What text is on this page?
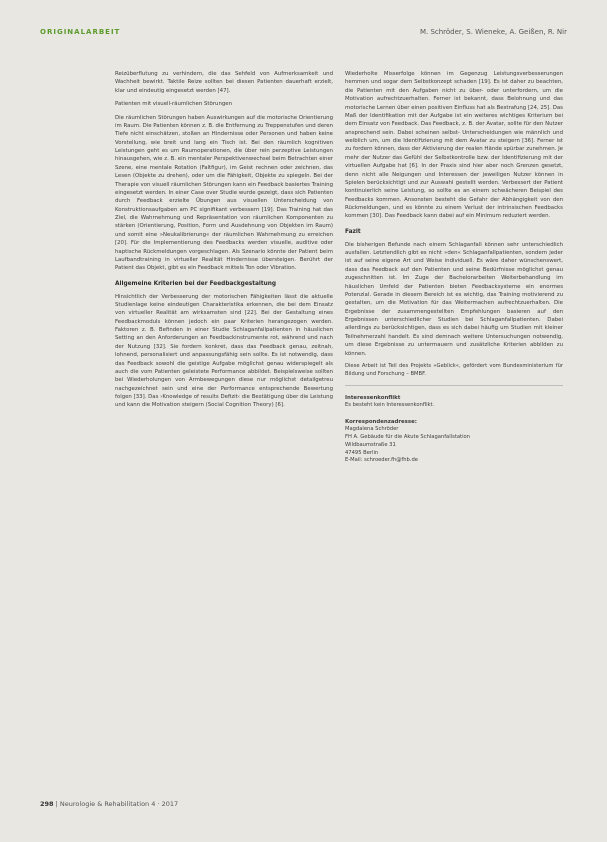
ORIGINALARBEIT	M. Schröder, S. Wieneke, A. Geißen, R. Nir

Reizüberflutung zu verhindern, die das Sehfeld von Aufmerksamkeit und Wachheit bewirkt. Taktile Reize sollten bei diesen Patienten dauerhaft erzielt, klar und eindeutig eingesetzt werden [47].

Patienten mit visuell-räumlichen Störungen

Die räumlichen Störungen haben Auswirkungen auf die motorische Orientierung im Raum. Die Patienten können z. B. die Entfernung zu Treppenstufen und deren Tiefe nicht einschätzen, stoßen an Hindernisse oder Personen und haben keine Vorstellung, wie breit und lang ein Tisch ist. Bei den räumlich kognitiven Leistungen geht es um Raumoperationen, die über rein perzeptive Leistungen hinausgehen, wie z. B. ein mentaler Perspektivenwechsel beim Betrachten einer Szene, eine mentale Rotation (Faltfigur), im Geist rechnen oder zeichnen, das Lesen (Objekte zu drehen), oder um die Fähigkeit, Objekte zu spiegeln. Bei der Therapie von visuell räumlichen Störungen kann ein Feedback basiertes Training eingesetzt werden. In einer Case over Studie wurde gezeigt, dass sich Patienten durch Feedback erzielte Übungen aus visuellen Unterscheidung von Konstruktionsaufgaben am PC signifikant verbessern [19]. Das Training hat das Ziel, die Wahrnehmung und Repräsentation von räumlichen Komponenten zu stärken (Orientierung, Position, Form und Ausdehnung von Objekten im Raum) und somit eine »Neukalibrierung« der räumlichen Wahrnehmung zu erreichen [20]. Für die Implementierung des Feedbacks werden visuelle, auditive oder haptische Rückmeldungen vorgeschlagen. Als Szenario könnte der Patient beim Laufbandtraining in virtueller Realität Hindernisse übersteigen. Berührt der Patient das Objekt, gibt es ein Feedback mittels Ton oder Vibration.

Allgemeine Kriterien bei der Feedbackgestaltung

Hinsichtlich der Verbesserung der motorischen Fähigkeiten lässt die aktuelle Studienlage keine eindeutigen Charakteristika erkennen, die bei dem Einsatz von virtueller Realität am wirksamsten sind [22]. Bei der Gestaltung eines Feedbackmoduls können jedoch ein paar Kriterien herangezogen werden. Faktoren z. B. Befinden in einer Studie Schlaganfallpatienten in häuslichen Setting an den Anforderungen an Feedbackinstrumente rot, während und nach der Nutzung [32]. Sie fordern konkret, dass das Feedback genau, zeitnah, lohnend, personalisiert und anpassungsfähig sein sollte. Es ist notwendig, dass das Feedback sowohl die geistige Aufgabe möglichst genau widerspiegelt als auch die vom Patienten geleistete Performance abbildet. Beispielsweise sollten bei Wiederholungen von Armbewegungen diese nur möglichst detailgetreu nachgezeichnet sein und eine der Performance entsprechende Bewertung folgen [33]. Das ›Knowledge of results Defizit‹ die Bestätigung über die Leistung und kann die Motivation steigern (Social Cognition Theory) [6].

Wiederholte Misserfolge können im Gegenzug Leistungsverbesserungen hemmen und sogar dem Selbstkonzept schaden [19]. Es ist daher zu beachten, die Patienten mit den Aufgaben nicht zu über- oder unterfordern, um die Motivation aufrechtzuerhalten. Ferner ist bekannt, dass Belohnung und das motorische Lernen über einen positiven Einfluss hat als Bestrafung [24, 25]. Das Maß der Identifikation mit der Aufgabe ist ein weiteres wichtiges Kriterium bei dem Einsatz von Feedback. Das Feedback, z. B. der Avatar, sollte für den Nutzer ansprechend sein. Dabei scheinen selbst- Unterscheidungen wie männlich und weiblich um, um die Identifizierung mit dem Avatar zu steigern [36]. Ferner ist zu fordern können, dass der Aktivierung der realen Hände spürbar zunehmen. Je mehr der Nutzer das Gefühl der Selbstkontrolle bzw. der Identifizierung mit der virtuellen Aufgabe hat [6]. In der Praxis sind hier aber noch Grenzen gesetzt, denn nicht alle Neigungen und Interessen der jeweiligen Nutzer können in Spielen berücksichtigt und zur Auswahl gestellt werden. Verbessert der Patient kontinuierlich seine Leistung, so sollte es an einem schwächeren Beispiel des Feedbacks kommen. Ansonsten besteht die Gefahr der Abhängigkeit von den Rückmeldungen, und es könnte zu einem Verlust der intrinsischen Feedbacks kommen [30]. Das Feedback kann dabei auf ein Minimum reduziert werden.

Fazit

Die bisherigen Befunde nach einem Schlaganfall können sehr unterschiedlich ausfallen. Letztendlich gibt es nicht »den« Schlaganfallpatienten, sondern jeder ist auf seine eigene Art und Weise individuell. Es wäre daher wünschenswert, dass das Feedback auf den Patienten und seine Bedürfnisse möglichst genau zugeschnitten ist. Im Zuge der Bachelorarbeiten Weiterbehandlung im häuslichen Umfeld der Patienten bieten Feedbacksysteme ein enormes Potenzial. Gerade in diesem Bereich ist es wichtig, das Training motivierend zu gestalten, um die Motivation für das Weitermachen aufrechtzuerhalten. Die Ergebnisse der zusammengestellten Empfehlungen basieren auf den Ergebnissen unterschiedlicher Studien bei Schlaganfallpatienten. Dabei allerdings zu berücksichtigen, dass es sich dabei häufig um Studien mit kleiner Teilnehmerzahl handelt. Es sind demnach weitere Untersuchungen notwendig, um diese Ergebnisse zu untermauern und zusätzliche Kriterien abbilden zu können.

Diese Arbeit ist Teil des Projekts »Geblick«, gefördert vom Bundesministerium für Bildung und Forschung – BMBF.

Interessenkonflikt
Es besteht kein Interessenkonflikt.
Korrespondenzadresse:
Magdalena Schröder
FH A. Gebäude für die Akute Schlaganfallstation
Wildbaumstraße 31
47495 Berlin
E-Mail: schroeder.fh@fhb.de
298 | Neurologie & Rehabilitation 4 · 2017
